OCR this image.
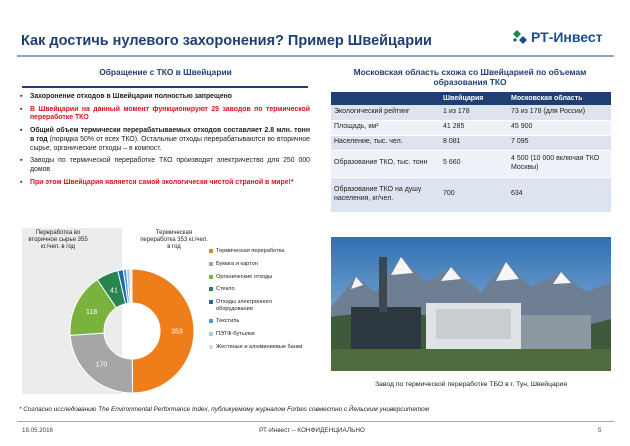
Как достичь нулевого захоронения? Пример Швейцарии	РТ-Инвест
Обращение с ТКО в Швейцарии
▪ Захоронение отходов в Швейцарии полностью запрещено
▪ В Швейцарии на данный момент функционируют 29 заводов по термической переработке ТКО
▪ Общий объем термически перерабатываемых отходов составляет 2.8 млн. тонн в год (порядка 50% от всех ТКО). Остальные отходы перерабатываются во вторичное сырье, органические отходы – в компост.
▪ Заводы по термической переработке ТКО производят электричество для 250 000 домов
▪ При этом Швейцария является самой экологически чистой страной в мире!*
353
170
118
41
Переработка во вторичное сырье 355 кг./чел. в год
Термическая переработка 353 кг./чел. в год
Термическая переработка
Бумага и картон
Органические отходы
Стекло
Отходы электронного оборудования
Текстиль
ПЭТФ-бутылки
Жестяные и алюминиевые банки
Московская область схожа со Швейцарией по объемам образования ТКО
	Швейцария	Московская область
Экологический рейтинг	1 из 178	73 из 178 (для России)
Площадь, км²	41 285	45 900
Население, тыс. чел.	8 081	7 095
Образование ТКО, тыс. тонн	5 660	4 500 (10 000 включая ТКО Москвы)
Образование ТКО на душу населения, кг/чел.	700	634
Завод по термической переработке ТБО в г. Тун, Швейцария
* Согласно исследованию The Environmental Performance Index, публикуемому журналом Forbes совместно с Йельским университетом
18.05.2016	РТ-Инвест – КОНФИДЕНЦИАЛЬНО	5
